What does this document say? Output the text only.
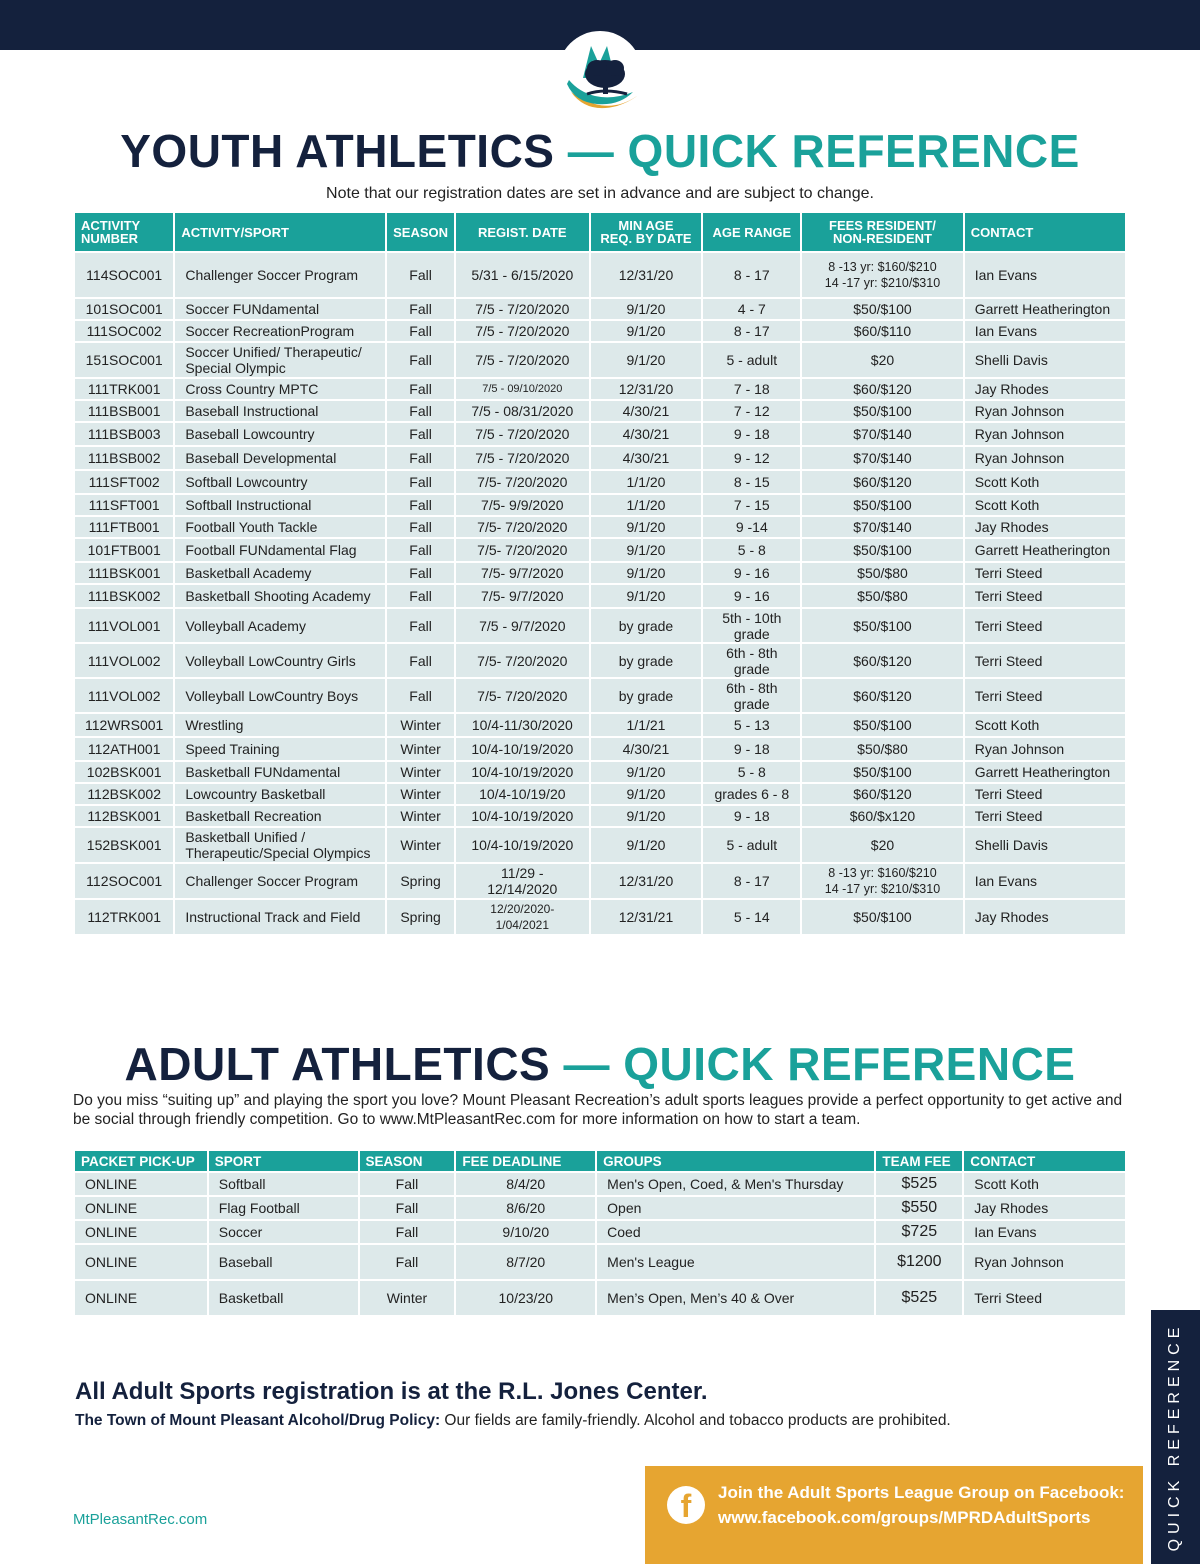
YOUTH ATHLETICS — QUICK REFERENCE
Note that our registration dates are set in advance and are subject to change.
ACTIVITY
NUMBER	ACTIVITY/SPORT	SEASON	REGIST. DATE	MIN AGE
REQ. BY DATE	AGE RANGE	FEES RESIDENT/
NON-RESIDENT	CONTACT
114SOC001	Challenger Soccer Program	Fall	5/31 - 6/15/2020	12/31/20	8 - 17	8 -13 yr: $160/$210
14 -17 yr: $210/$310	Ian Evans
101SOC001	Soccer FUNdamental	Fall	7/5 - 7/20/2020	9/1/20	4 - 7	$50/$100	Garrett Heatherington
111SOC002	Soccer RecreationProgram	Fall	7/5 - 7/20/2020	9/1/20	8 - 17	$60/$110	Ian Evans
151SOC001	Soccer Unified/ Therapeutic/
Special Olympic	Fall	7/5 - 7/20/2020	9/1/20	5 - adult	$20	Shelli Davis
111TRK001	Cross Country MPTC	Fall	7/5 - 09/10/2020	12/31/20	7 - 18	$60/$120	Jay Rhodes
111BSB001	Baseball Instructional	Fall	7/5 - 08/31/2020	4/30/21	7 - 12	$50/$100	Ryan Johnson
111BSB003	Baseball Lowcountry	Fall	7/5 - 7/20/2020	4/30/21	9 - 18	$70/$140	Ryan Johnson
111BSB002	Baseball Developmental	Fall	7/5 - 7/20/2020	4/30/21	9 - 12	$70/$140	Ryan Johnson
111SFT002	Softball Lowcountry	Fall	7/5- 7/20/2020	1/1/20	8 - 15	$60/$120	Scott Koth
111SFT001	Softball Instructional	Fall	7/5- 9/9/2020	1/1/20	7 - 15	$50/$100	Scott Koth
111FTB001	Football Youth Tackle	Fall	7/5- 7/20/2020	9/1/20	9 -14	$70/$140	Jay Rhodes
101FTB001	Football FUNdamental Flag	Fall	7/5- 7/20/2020	9/1/20	5 - 8	$50/$100	Garrett Heatherington
111BSK001	Basketball Academy	Fall	7/5- 9/7/2020	9/1/20	9 - 16	$50/$80	Terri Steed
111BSK002	Basketball Shooting Academy	Fall	7/5- 9/7/2020	9/1/20	9 - 16	$50/$80	Terri Steed
111VOL001	Volleyball Academy	Fall	7/5 - 9/7/2020	by grade	5th - 10th
grade	$50/$100	Terri Steed
111VOL002	Volleyball LowCountry Girls	Fall	7/5- 7/20/2020	by grade	6th - 8th
grade	$60/$120	Terri Steed
111VOL002	Volleyball LowCountry Boys	Fall	7/5- 7/20/2020	by grade	6th - 8th
grade	$60/$120	Terri Steed
112WRS001	Wrestling	Winter	10/4-11/30/2020	1/1/21	5 - 13	$50/$100	Scott Koth
112ATH001	Speed Training	Winter	10/4-10/19/2020	4/30/21	9 - 18	$50/$80	Ryan Johnson
102BSK001	Basketball FUNdamental	Winter	10/4-10/19/2020	9/1/20	5 - 8	$50/$100	Garrett Heatherington
112BSK002	Lowcountry Basketball	Winter	10/4-10/19/20	9/1/20	grades 6 - 8	$60/$120	Terri Steed
112BSK001	Basketball Recreation	Winter	10/4-10/19/2020	9/1/20	9 - 18	$60/$x120	Terri Steed
152BSK001	Basketball Unified /
Therapeutic/Special Olympics	Winter	10/4-10/19/2020	9/1/20	5 - adult	$20	Shelli Davis
112SOC001	Challenger Soccer Program	Spring	11/29 - 12/14/2020	12/31/20	8 - 17	8 -13 yr: $160/$210
14 -17 yr: $210/$310	Ian Evans
112TRK001	Instructional Track and Field	Spring	12/20/2020-
1/04/2021	12/31/21	5 - 14	$50/$100	Jay Rhodes
ADULT ATHLETICS — QUICK REFERENCE
Do you miss “suiting up” and playing the sport you love? Mount Pleasant Recreation’s adult sports leagues provide a perfect opportunity to get active and be social through friendly competition. Go to www.MtPleasantRec.com for more information on how to start a team.
PACKET PICK-UP	SPORT	SEASON	FEE DEADLINE	GROUPS	TEAM FEE	CONTACT
ONLINE	Softball	Fall	8/4/20	Men's Open, Coed, & Men's Thursday	$525	Scott Koth
ONLINE	Flag Football	Fall	8/6/20	Open	$550	Jay Rhodes
ONLINE	Soccer	Fall	9/10/20	Coed	$725	Ian Evans
ONLINE	Baseball	Fall	8/7/20	Men's League	$1200	Ryan Johnson
ONLINE	Basketball	Winter	10/23/20	Men’s Open, Men’s 40 & Over	$525	Terri Steed
All Adult Sports registration is at the R.L. Jones Center.
The Town of Mount Pleasant Alcohol/Drug Policy: Our fields are family-friendly. Alcohol and tobacco products are prohibited.
MtPleasantRec.com	f	Join the Adult Sports League Group on Facebook:
www.facebook.com/groups/MPRDAdultSports	QUICK REFERENCE
